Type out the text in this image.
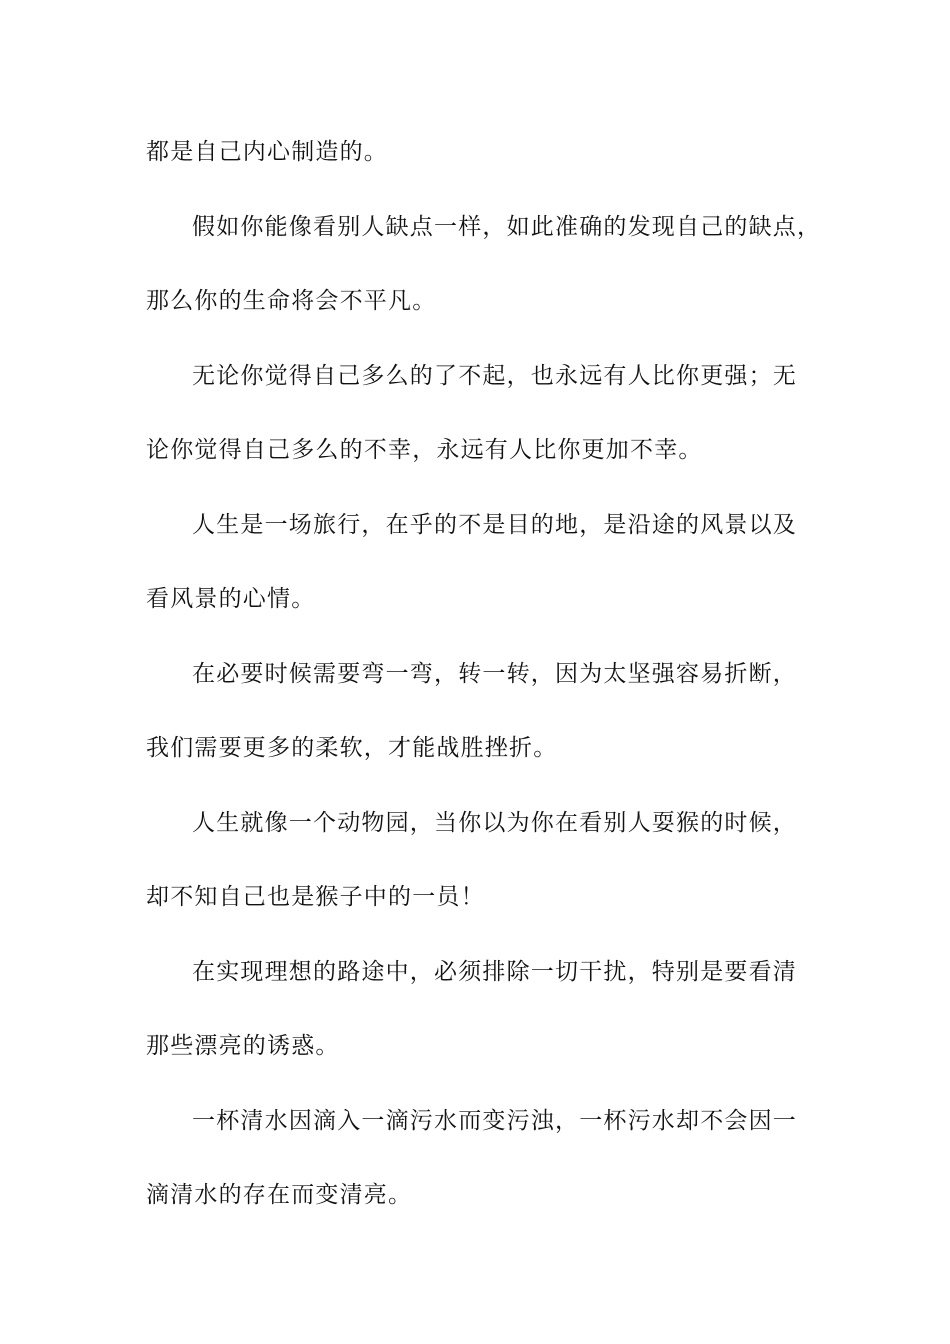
都是自己内心制造的。
假如你能像看别人缺点一样，如此准确的发现自己的缺点，
那么你的生命将会不平凡。
无论你觉得自己多么的了不起，也永远有人比你更强；无
论你觉得自己多么的不幸，永远有人比你更加不幸。
人生是一场旅行，在乎的不是目的地，是沿途的风景以及
看风景的心情。
在必要时候需要弯一弯，转一转，因为太坚强容易折断，
我们需要更多的柔软，才能战胜挫折。
人生就像一个动物园，当你以为你在看别人耍猴的时候，
却不知自己也是猴子中的一员！
在实现理想的路途中，必须排除一切干扰，特别是要看清
那些漂亮的诱惑。
一杯清水因滴入一滴污水而变污浊，一杯污水却不会因一
滴清水的存在而变清亮。
